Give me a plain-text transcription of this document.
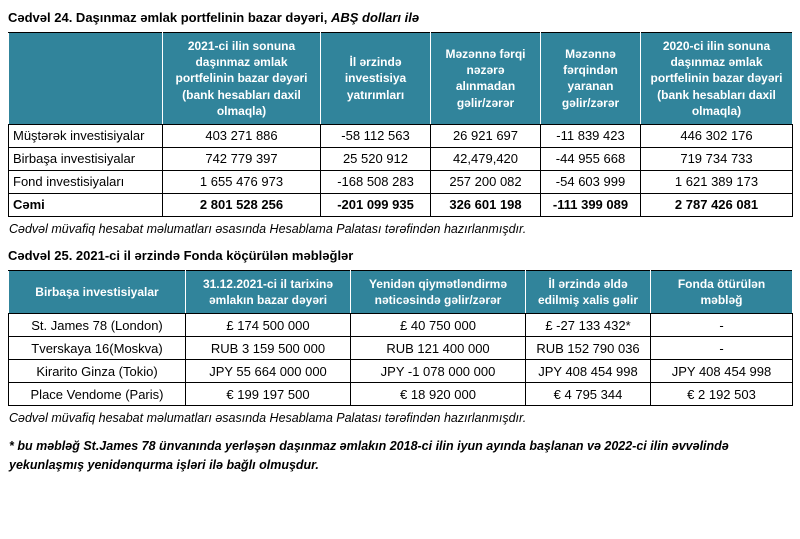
Cədvəl 24. Daşınmaz əmlak portfelinin bazar dəyəri, ABŞ dolları ilə
	2021-ci ilin sonuna daşınmaz əmlak portfelinin bazar dəyəri (bank hesabları daxil olmaqla)	İl ərzində investisiya yatırımları	Məzənnə fərqi nəzərə alınmadan gəlir/zərər	Məzənnə fərqindən yaranan gəlir/zərər	2020-ci ilin sonuna daşınmaz əmlak portfelinin bazar dəyəri (bank hesabları daxil olmaqla)
Müştərək investisiyalar	403 271 886	-58 112 563	26 921 697	-11 839 423	446 302 176
Birbaşa investisiyalar	742 779 397	25 520 912	42,479,420	-44 955 668	719 734 733
Fond investisiyaları	1 655 476 973	-168 508 283	257 200 082	-54 603 999	1 621 389 173
Cəmi	2 801 528 256	-201 099 935	326 601 198	-111 399 089	2 787 426 081
Cədvəl müvafiq hesabat məlumatları əsasında Hesablama Palatası tərəfindən hazırlanmışdır.
Cədvəl 25. 2021-ci il ərzində Fonda köçürülən məbləğlər
Birbaşa investisiyalar	31.12.2021-ci il tarixinə əmlakın bazar dəyəri	Yenidən qiymətləndirmə nəticəsində gəlir/zərər	İl ərzində əldə edilmiş xalis gəlir	Fonda ötürülən məbləğ
St. James 78 (London)	£ 174 500 000	£ 40 750 000	£ -27 133 432*	-
Tverskaya 16(Moskva)	RUB 3 159 500 000	RUB 121 400 000	RUB 152 790 036	-
Kirarito Ginza (Tokio)	JPY 55 664 000 000	JPY -1 078 000 000	JPY 408 454 998	JPY 408 454 998
Place Vendome (Paris)	€ 199 197 500	€ 18 920 000	€ 4 795 344	€ 2 192 503
Cədvəl müvafiq hesabat məlumatları əsasında Hesablama Palatası tərəfindən hazırlanmışdır.
* bu məbləğ St.James 78 ünvanında yerləşən daşınmaz əmlakın 2018-ci ilin iyun ayında başlanan və 2022-ci ilin əvvəlində yekunlaşmış yenidənqurma işləri ilə bağlı olmuşdur.
